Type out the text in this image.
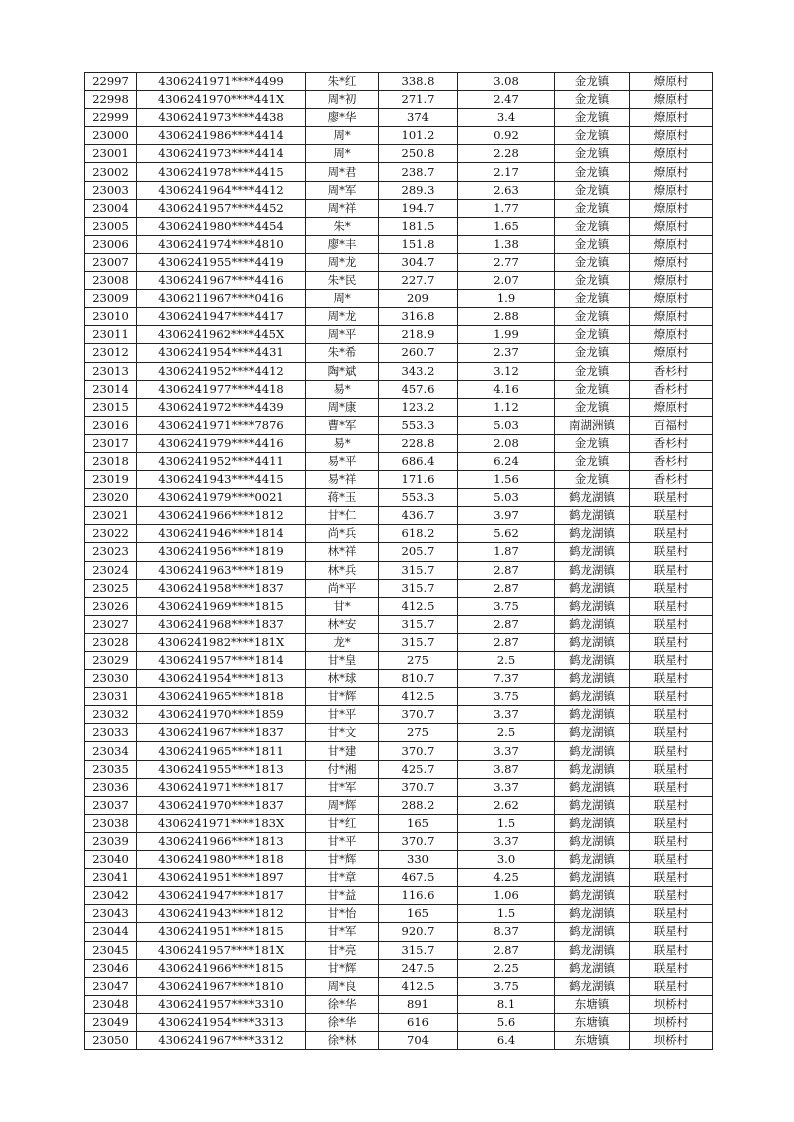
22997	4306241971****4499	朱*红	338.8	3.08	金龙镇	燎原村
22998	4306241970****441X	周*初	271.7	2.47	金龙镇	燎原村
22999	4306241973****4438	廖*华	374	3.4	金龙镇	燎原村
23000	4306241986****4414	周*	101.2	0.92	金龙镇	燎原村
23001	4306241973****4414	周*	250.8	2.28	金龙镇	燎原村
23002	4306241978****4415	周*君	238.7	2.17	金龙镇	燎原村
23003	4306241964****4412	周*军	289.3	2.63	金龙镇	燎原村
23004	4306241957****4452	周*祥	194.7	1.77	金龙镇	燎原村
23005	4306241980****4454	朱*	181.5	1.65	金龙镇	燎原村
23006	4306241974****4810	廖*丰	151.8	1.38	金龙镇	燎原村
23007	4306241955****4419	周*龙	304.7	2.77	金龙镇	燎原村
23008	4306241967****4416	朱*民	227.7	2.07	金龙镇	燎原村
23009	4306211967****0416	周*	209	1.9	金龙镇	燎原村
23010	4306241947****4417	周*龙	316.8	2.88	金龙镇	燎原村
23011	4306241962****445X	周*平	218.9	1.99	金龙镇	燎原村
23012	4306241954****4431	朱*希	260.7	2.37	金龙镇	燎原村
23013	4306241952****4412	陶*斌	343.2	3.12	金龙镇	香杉村
23014	4306241977****4418	易*	457.6	4.16	金龙镇	香杉村
23015	4306241972****4439	周*康	123.2	1.12	金龙镇	燎原村
23016	4306241971****7876	曹*军	553.3	5.03	南湖洲镇	百福村
23017	4306241979****4416	易*	228.8	2.08	金龙镇	香杉村
23018	4306241952****4411	易*平	686.4	6.24	金龙镇	香杉村
23019	4306241943****4415	易*祥	171.6	1.56	金龙镇	香杉村
23020	4306241979****0021	蒋*玉	553.3	5.03	鹤龙湖镇	联星村
23021	4306241966****1812	甘*仁	436.7	3.97	鹤龙湖镇	联星村
23022	4306241946****1814	尚*兵	618.2	5.62	鹤龙湖镇	联星村
23023	4306241956****1819	林*祥	205.7	1.87	鹤龙湖镇	联星村
23024	4306241963****1819	林*兵	315.7	2.87	鹤龙湖镇	联星村
23025	4306241958****1837	尚*平	315.7	2.87	鹤龙湖镇	联星村
23026	4306241969****1815	甘*	412.5	3.75	鹤龙湖镇	联星村
23027	4306241968****1837	林*安	315.7	2.87	鹤龙湖镇	联星村
23028	4306241982****181X	龙*	315.7	2.87	鹤龙湖镇	联星村
23029	4306241957****1814	甘*皇	275	2.5	鹤龙湖镇	联星村
23030	4306241954****1813	林*球	810.7	7.37	鹤龙湖镇	联星村
23031	4306241965****1818	甘*辉	412.5	3.75	鹤龙湖镇	联星村
23032	4306241970****1859	甘*平	370.7	3.37	鹤龙湖镇	联星村
23033	4306241967****1837	甘*文	275	2.5	鹤龙湖镇	联星村
23034	4306241965****1811	甘*建	370.7	3.37	鹤龙湖镇	联星村
23035	4306241955****1813	付*湘	425.7	3.87	鹤龙湖镇	联星村
23036	4306241971****1817	甘*军	370.7	3.37	鹤龙湖镇	联星村
23037	4306241970****1837	周*辉	288.2	2.62	鹤龙湖镇	联星村
23038	4306241971****183X	甘*红	165	1.5	鹤龙湖镇	联星村
23039	4306241966****1813	甘*平	370.7	3.37	鹤龙湖镇	联星村
23040	4306241980****1818	甘*辉	330	3.0	鹤龙湖镇	联星村
23041	4306241951****1897	甘*章	467.5	4.25	鹤龙湖镇	联星村
23042	4306241947****1817	甘*益	116.6	1.06	鹤龙湖镇	联星村
23043	4306241943****1812	甘*怡	165	1.5	鹤龙湖镇	联星村
23044	4306241951****1815	甘*军	920.7	8.37	鹤龙湖镇	联星村
23045	4306241957****181X	甘*亮	315.7	2.87	鹤龙湖镇	联星村
23046	4306241966****1815	甘*辉	247.5	2.25	鹤龙湖镇	联星村
23047	4306241967****1810	周*良	412.5	3.75	鹤龙湖镇	联星村
23048	4306241957****3310	徐*华	891	8.1	东塘镇	坝桥村
23049	4306241954****3313	徐*华	616	5.6	东塘镇	坝桥村
23050	4306241967****3312	徐*林	704	6.4	东塘镇	坝桥村
